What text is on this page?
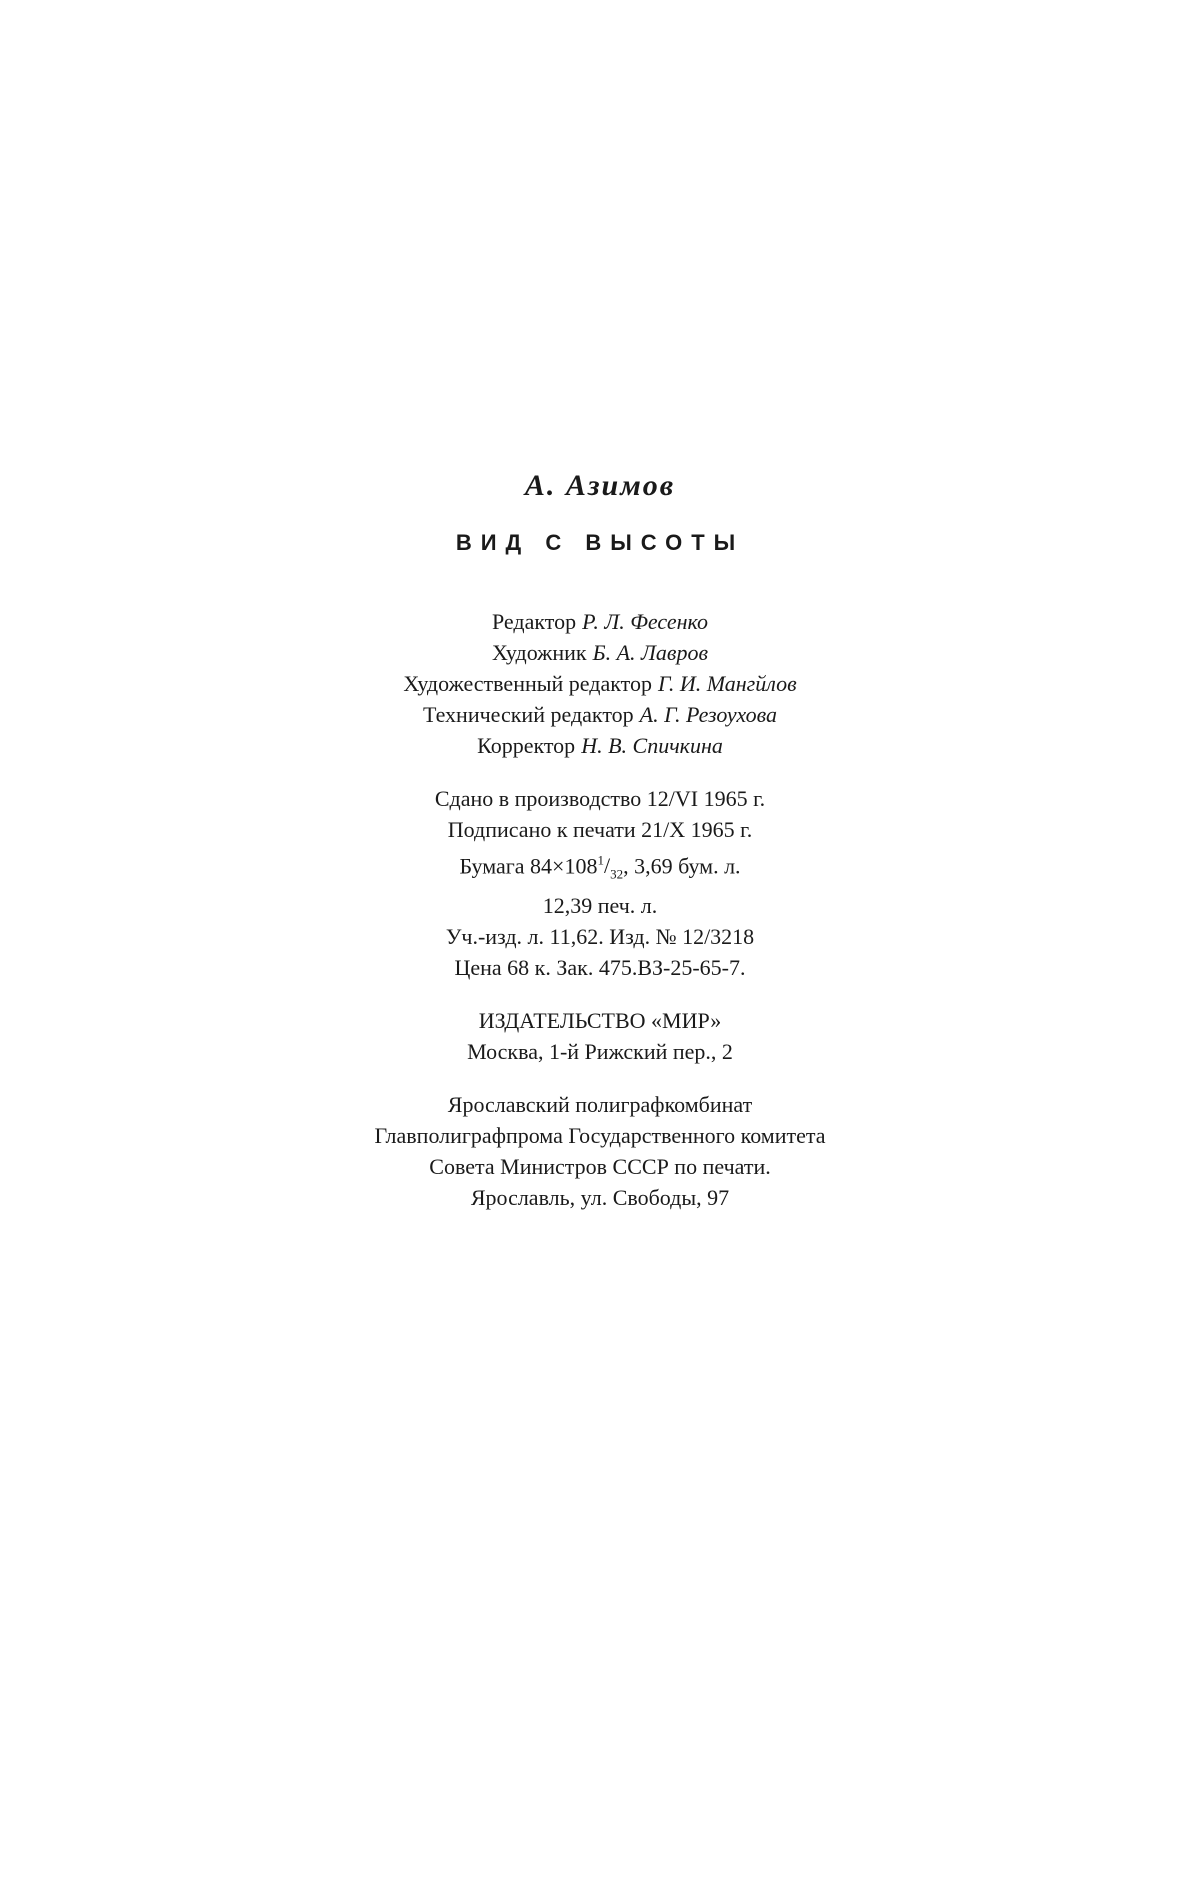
А. Азимов

ВИД С ВЫСОТЫ

Редактор Р. Л. Фесенко
Художник Б. А. Лавров
Художественный редактор Г. И. Мангйлов
Технический редактор А. Г. Резоухова
Корректор Н. В. Спичкина
Сдано в производство 12/VI 1965 г.
Подписано к печати 21/X 1965 г.
Бумага $84\times 108^1/_{32}$, 3,69 бум. л.
12,39 печ. л.
Уч.-изд. л. 11,62. Изд. № 12/3218
Цена 68 к. Зак. 475.ВЗ-25-65-7.
ИЗДАТЕЛЬСТВО «МИР»
Москва, 1-й Рижский пер., 2
Ярославский полиграфкомбинат
Главполиграфпрома Государственного комитета
Совета Министров СССР по печати.
Ярославль, ул. Свободы, 97
